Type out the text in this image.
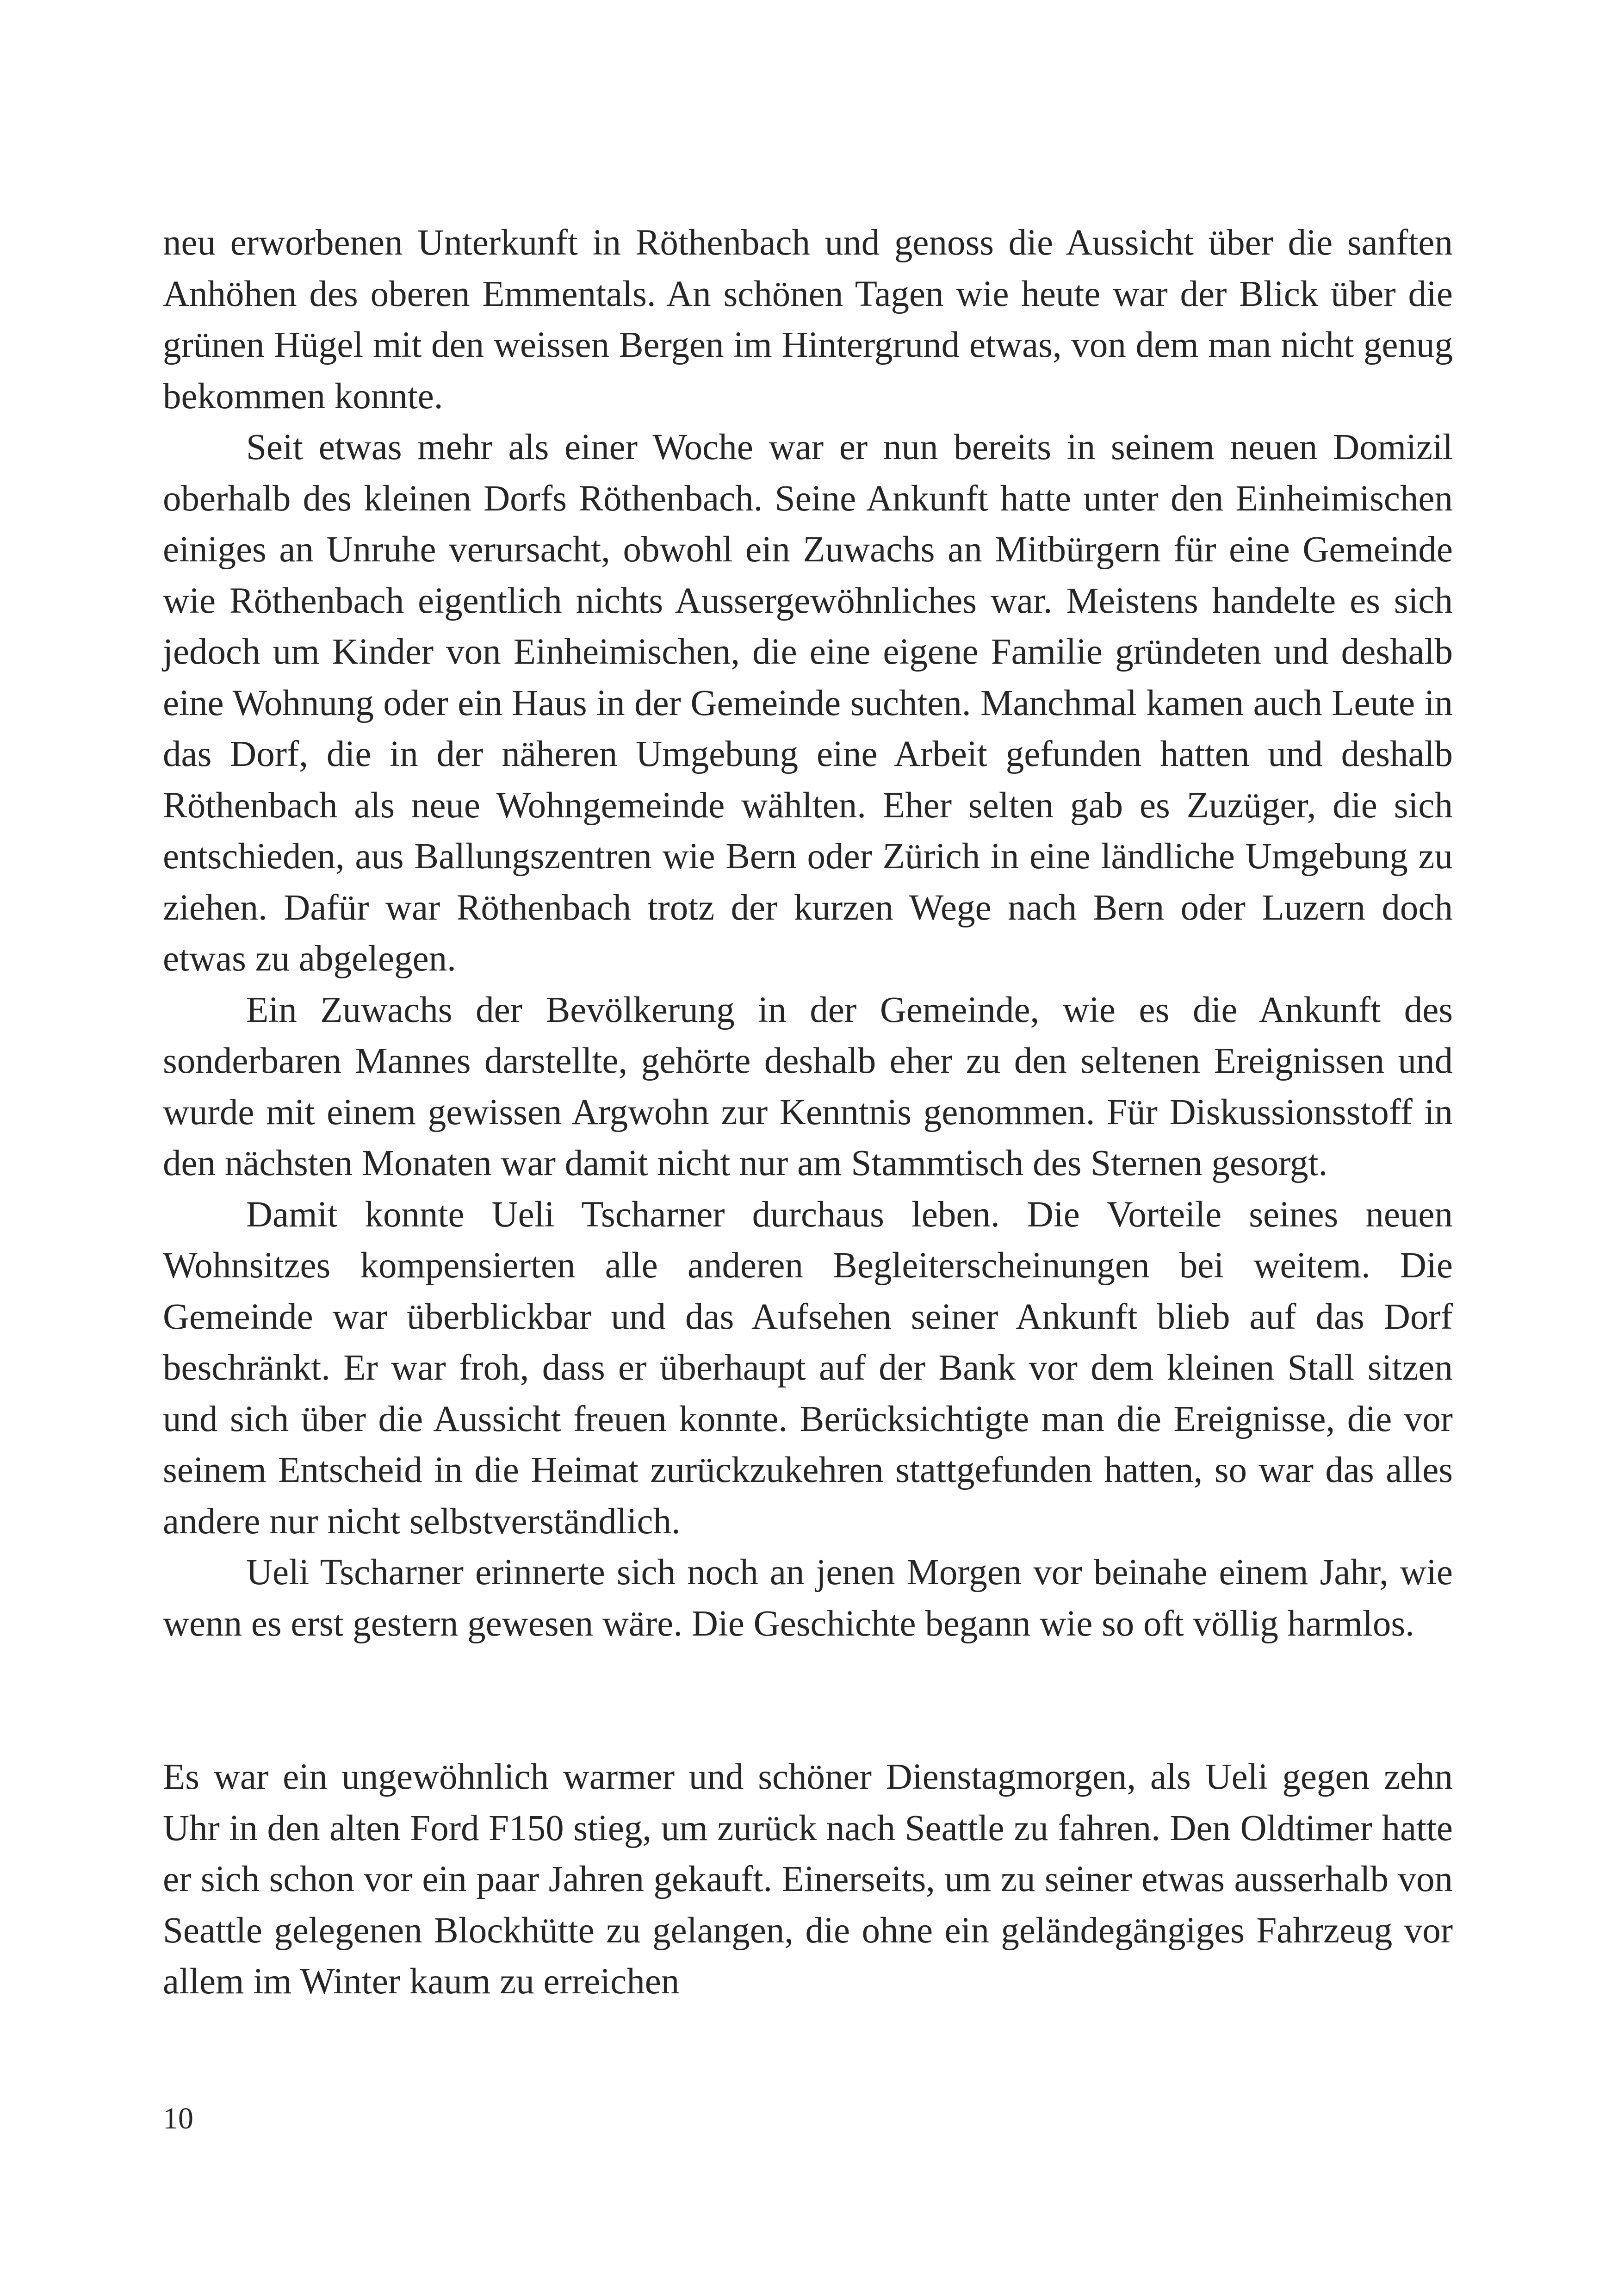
neu erworbenen Unterkunft in Röthenbach und genoss die Aussicht über die sanften Anhöhen des oberen Emmentals. An schönen Tagen wie heute war der Blick über die grünen Hügel mit den weissen Bergen im Hintergrund etwas, von dem man nicht genug bekommen konnte.

Seit etwas mehr als einer Woche war er nun bereits in seinem neuen Domizil oberhalb des kleinen Dorfs Röthenbach. Seine Ankunft hatte unter den Einheimischen einiges an Unruhe verursacht, obwohl ein Zuwachs an Mitbürgern für eine Gemeinde wie Röthenbach eigentlich nichts Aussergewöhnliches war. Meistens handelte es sich jedoch um Kinder von Einheimischen, die eine eigene Familie gründeten und deshalb eine Wohnung oder ein Haus in der Gemeinde suchten. Manchmal kamen auch Leute in das Dorf, die in der näheren Umgebung eine Arbeit gefunden hatten und deshalb Röthenbach als neue Wohngemeinde wählten. Eher selten gab es Zuzüger, die sich entschieden, aus Ballungszentren wie Bern oder Zürich in eine ländliche Umgebung zu ziehen. Dafür war Röthenbach trotz der kurzen Wege nach Bern oder Luzern doch etwas zu abgelegen.

Ein Zuwachs der Bevölkerung in der Gemeinde, wie es die Ankunft des sonderbaren Mannes darstellte, gehörte deshalb eher zu den seltenen Ereignissen und wurde mit einem gewissen Argwohn zur Kenntnis genommen. Für Diskussionsstoff in den nächsten Monaten war damit nicht nur am Stammtisch des Sternen gesorgt.

Damit konnte Ueli Tscharner durchaus leben. Die Vorteile seines neuen Wohnsitzes kompensierten alle anderen Begleiterscheinungen bei weitem. Die Gemeinde war überblickbar und das Aufsehen seiner Ankunft blieb auf das Dorf beschränkt. Er war froh, dass er überhaupt auf der Bank vor dem kleinen Stall sitzen und sich über die Aussicht freuen konnte. Berücksichtigte man die Ereignisse, die vor seinem Entscheid in die Heimat zurückzukehren stattgefunden hatten, so war das alles andere nur nicht selbstverständlich.

Ueli Tscharner erinnerte sich noch an jenen Morgen vor beinahe einem Jahr, wie wenn es erst gestern gewesen wäre. Die Geschichte begann wie so oft völlig harmlos.

Es war ein ungewöhnlich warmer und schöner Dienstagmorgen, als Ueli gegen zehn Uhr in den alten Ford F150 stieg, um zurück nach Seattle zu fahren. Den Oldtimer hatte er sich schon vor ein paar Jahren gekauft. Einerseits, um zu seiner etwas ausserhalb von Seattle gelegenen Blockhütte zu gelangen, die ohne ein geländegängiges Fahrzeug vor allem im Winter kaum zu erreichen

10
